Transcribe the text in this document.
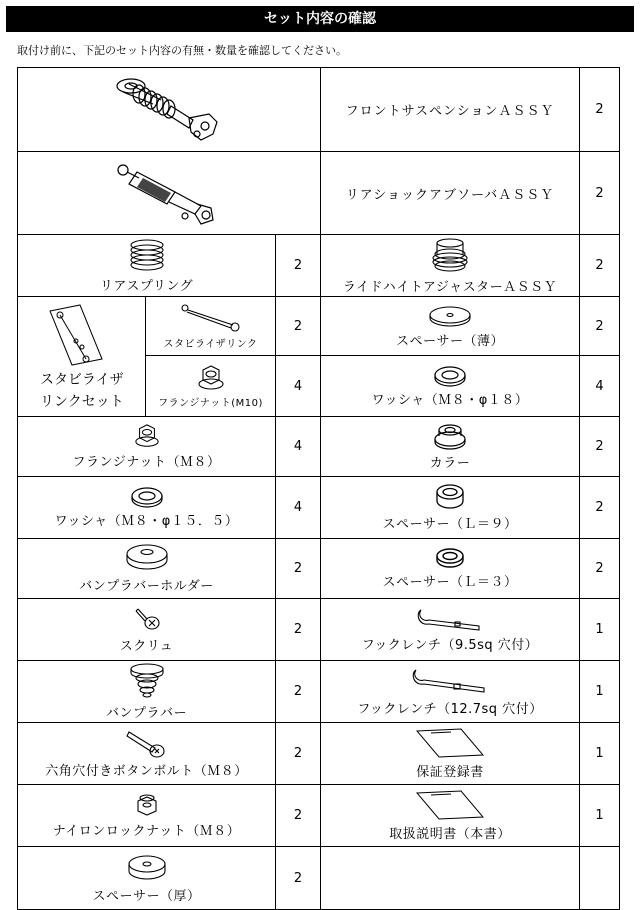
セット内容の確認
取付け前に、下記のセット内容の有無・数量を確認してください。
	フロントサスペンションＡＳＳＹ	2

	リアショックアブソーバＡＳＳＹ	2

リアスプリング		2	ライドハイトアジャスターＡＳＳＹ	2

スタビライザ
リンクセット	スタビライザリンク	2	スペーサー（薄）	2

	フランジナット(M10)	4	ワッシャ（Ｍ８・φ１８）	4

フランジナット（Ｍ８）		4	カラー	2

ワッシャ（Ｍ８・φ１５．５）		4	スペーサー（Ｌ＝９）	2

バンプラバーホルダー		2	スペーサー（Ｌ＝３）	2

スクリュ		2	フックレンチ（9.5sq 穴付）	1

バンプラバー		2	フックレンチ（12.7sq 穴付）	1

六角穴付きボタンボルト（Ｍ８）		2	保証登録書	1

ナイロンロックナット（Ｍ８）		2	取扱説明書（本書）	1

スペーサー（厚）		2		
